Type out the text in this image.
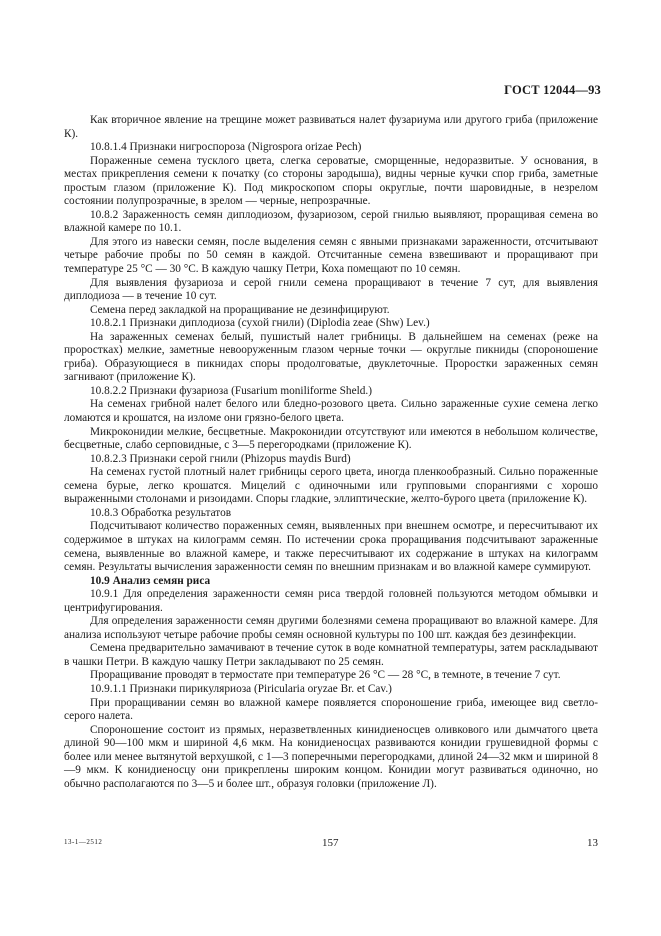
ГОСТ 12044—93

Как вторичное явление на трещине может развиваться налет фузариума или другого гриба (приложение К).

10.8.1.4 Признаки нигроспороза (Nigrospora orizae Pech)

Пораженные семена тусклого цвета, слегка сероватые, сморщенные, недоразвитые. У основания, в местах прикрепления семени к початку (со стороны зародыша), видны черные кучки спор гриба, заметные простым глазом (приложение К). Под микроскопом споры округлые, почти шаровидные, в незрелом состоянии полупрозрачные, в зрелом — черные, непрозрачные.

10.8.2 Зараженность семян диплодиозом, фузариозом, серой гнилью выявляют, проращивая семена во влажной камере по 10.1.

Для этого из навески семян, после выделения семян с явными признаками зараженности, отсчитывают четыре рабочие пробы по 50 семян в каждой. Отсчитанные семена взвешивают и проращивают при температуре 25 °С — 30 °С. В каждую чашку Петри, Коха помещают по 10 семян.

Для выявления фузариоза и серой гнили семена проращивают в течение 7 сут, для выявления диплодиоза — в течение 10 сут.

Семена перед закладкой на проращивание не дезинфицируют.

10.8.2.1 Признаки диплодиоза (сухой гнили) (Diplodia zeae (Shw) Lev.)

На зараженных семенах белый, пушистый налет грибницы. В дальнейшем на семенах (реже на проростках) мелкие, заметные невооруженным глазом черные точки — округлые пикниды (спороношение гриба). Образующиеся в пикнидах споры продолговатые, двуклеточные. Проростки зараженных семян загнивают (приложение К).

10.8.2.2 Признаки фузариоза (Fusarium moniliforme Sheld.)

На семенах грибной налет белого или бледно-розового цвета. Сильно зараженные сухие семена легко ломаются и крошатся, на изломе они грязно-белого цвета.

Микроконидии мелкие, бесцветные. Макроконидии отсутствуют или имеются в небольшом количестве, бесцветные, слабо серповидные, с 3—5 перегородками (приложение К).

10.8.2.3 Признаки серой гнили (Phizopus maydis Burd)

На семенах густой плотный налет грибницы серого цвета, иногда пленкообразный. Сильно пораженные семена бурые, легко крошатся. Мицелий с одиночными или групповыми спорангиями с хорошо выраженными столонами и ризоидами. Споры гладкие, эллиптические, желто-бурого цвета (приложение К).

10.8.3 Обработка результатов

Подсчитывают количество пораженных семян, выявленных при внешнем осмотре, и пересчитывают их содержимое в штуках на килограмм семян. По истечении срока проращивания подсчитывают зараженные семена, выявленные во влажной камере, и также пересчитывают их содержание в штуках на килограмм семян. Результаты вычисления зараженности семян по внешним признакам и во влажной камере суммируют.

10.9 Анализ семян риса

10.9.1 Для определения зараженности семян риса твердой головней пользуются методом обмывки и центрифугирования.

Для определения зараженности семян другими болезнями семена проращивают во влажной камере. Для анализа используют четыре рабочие пробы семян основной культуры по 100 шт. каждая без дезинфекции.

Семена предварительно замачивают в течение суток в воде комнатной температуры, затем раскладывают в чашки Петри. В каждую чашку Петри закладывают по 25 семян.

Проращивание проводят в термостате при температуре 26 °С — 28 °С, в темноте, в течение 7 сут.

10.9.1.1 Признаки пирикуляриоза (Piricularia oryzae Br. et Cav.)

При проращивании семян во влажной камере появляется спороношение гриба, имеющее вид светло-серого налета.

Спороношение состоит из прямых, неразветвленных кинидиеносцев оливкового или дымчатого цвета длиной 90—100 мкм и шириной 4,6 мкм. На конидиеносцах развиваются конидии грушевидной формы с более или менее вытянутой верхушкой, с 1—3 поперечными перегородками, длиной 24—32 мкм и шириной 8—9 мкм. К конидиеносцу они прикреплены широким концом. Конидии могут развиваться одиночно, но обычно располагаются по 3—5 и более шт., образуя головки (приложение Л).

13-1—2512	157	13
